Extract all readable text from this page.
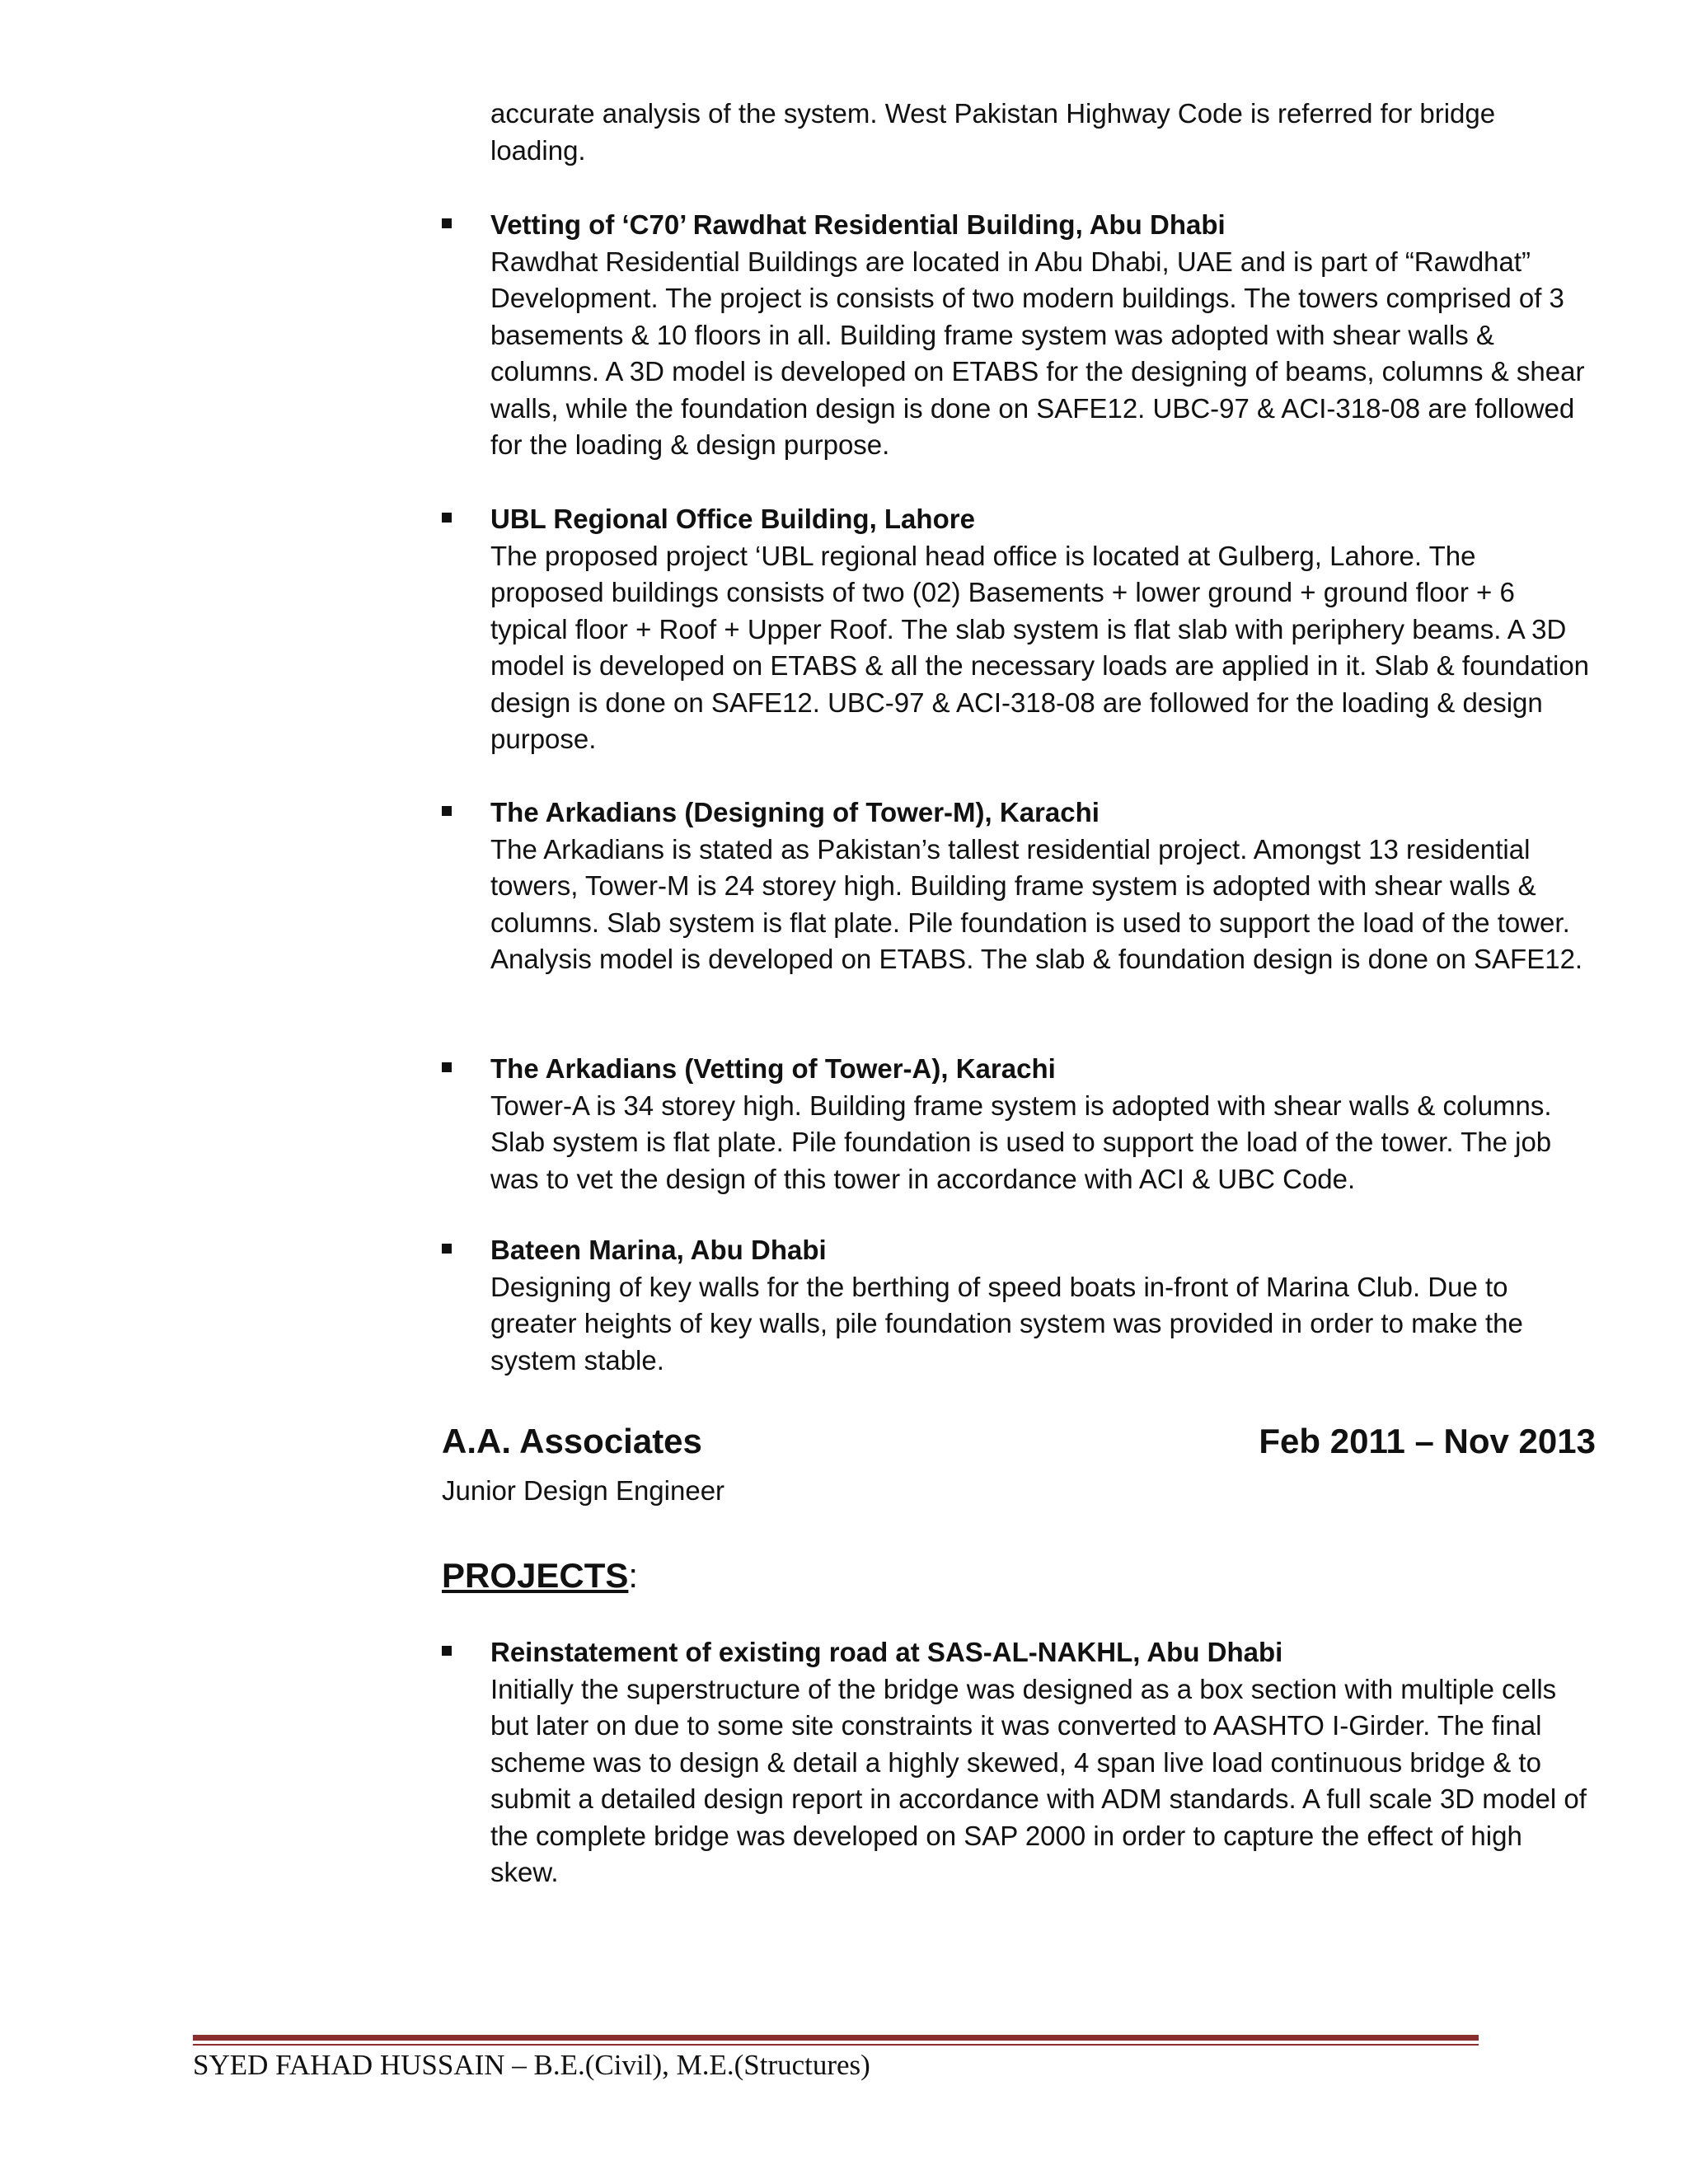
accurate analysis of the system. West Pakistan Highway Code is referred for bridge loading.

Vetting of ‘C70’ Rawdhat Residential Building, Abu Dhabi
Rawdhat Residential Buildings are located in Abu Dhabi, UAE and is part of “Rawdhat” Development. The project is consists of two modern buildings. The towers comprised of 3 basements & 10 floors in all. Building frame system was adopted with shear walls & columns. A 3D model is developed on ETABS for the designing of beams, columns & shear walls, while the foundation design is done on SAFE12. UBC-97 & ACI-318-08 are followed for the loading & design purpose.
UBL Regional Office Building, Lahore
The proposed project ‘UBL regional head office is located at Gulberg, Lahore. The proposed buildings consists of two (02) Basements + lower ground + ground floor + 6 typical floor + Roof + Upper Roof. The slab system is flat slab with periphery beams. A 3D model is developed on ETABS & all the necessary loads are applied in it. Slab & foundation design is done on SAFE12. UBC-97 & ACI-318-08 are followed for the loading & design purpose.
The Arkadians (Designing of Tower-M), Karachi
The Arkadians is stated as Pakistan’s tallest residential project. Amongst 13 residential towers, Tower-M is 24 storey high. Building frame system is adopted with shear walls & columns. Slab system is flat plate. Pile foundation is used to support the load of the tower. Analysis model is developed on ETABS. The slab & foundation design is done on SAFE12.
The Arkadians (Vetting of Tower-A), Karachi
Tower-A is 34 storey high. Building frame system is adopted with shear walls & columns. Slab system is flat plate. Pile foundation is used to support the load of the tower. The job was to vet the design of this tower in accordance with ACI & UBC Code.
Bateen Marina, Abu Dhabi
Designing of key walls for the berthing of speed boats in-front of Marina Club. Due to greater heights of key walls, pile foundation system was provided in order to make the system stable.
A.A. Associates	Feb 2011 – Nov 2013
Junior Design Engineer
PROJECTS:
Reinstatement of existing road at SAS-AL-NAKHL, Abu Dhabi
Initially the superstructure of the bridge was designed as a box section with multiple cells but later on due to some site constraints it was converted to AASHTO I-Girder. The final scheme was to design & detail a highly skewed, 4 span live load continuous bridge & to submit a detailed design report in accordance with ADM standards. A full scale 3D model of the complete bridge was developed on SAP 2000 in order to capture the effect of high skew.
SYED FAHAD HUSSAIN – B.E.(Civil), M.E.(Structures)
